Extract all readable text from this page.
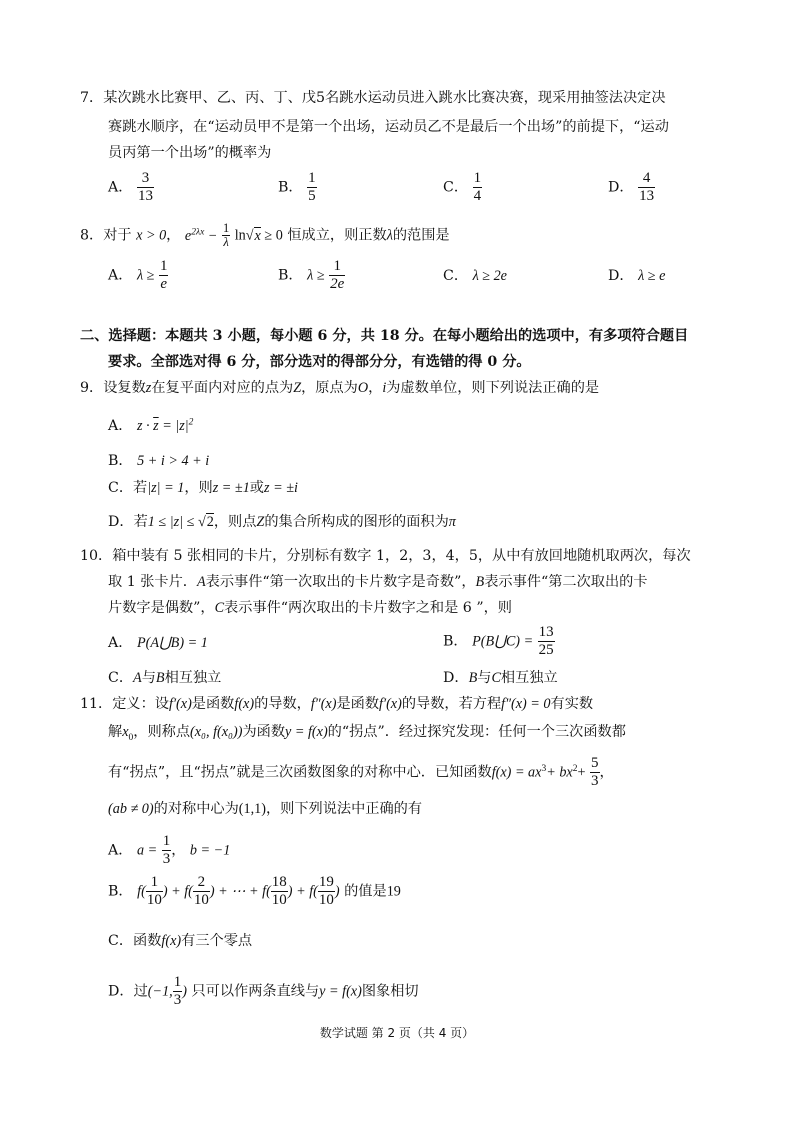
7．某次跳水比赛甲、乙、丙、丁、戊5名跳水运动员进入跳水比赛决赛，现采用抽签法决定决
赛跳水顺序，在“运动员甲不是第一个出场，运动员乙不是最后一个出场”的前提下，“运动
员丙第一个出场”的概率为
A． $\frac{3}{13}$	B． $\frac{1}{5}$	C． $\frac{1}{4}$	D． $\frac{4}{13}$
8．对于 x > 0， $e^{2\lambda x} - \frac{1}{\lambda} \ln√x \ge 0$ 恒成立，则正数λ的范围是
A． $\lambda \ge \frac{1}{e}$	B． $\lambda \ge \frac{1}{2e}$	C． λ ≥ 2e	D． λ ≥ e
二、选择题：本题共 3 小题，每小题 6 分，共 18 分。在每小题给出的选项中，有多项符合题目
要求。全部选对得 6 分，部分选对的得部分分，有选错的得 0 分。
9．设复数z在复平面内对应的点为Z，原点为O，i为虚数单位，则下列说法正确的是
A． $z \cdot \overline{z} = |z|^2$
B． 5 + i > 4 + i
C．若|z| = 1，则z = ±1或z = ±i
D．若1 ≤ |z| ≤ √2，则点Z的集合所构成的图形的面积为π
10．箱中装有 5 张相同的卡片，分别标有数字 1，2，3，4，5，从中有放回地随机取两次，每次
取 1 张卡片．A表示事件“第一次取出的卡片数字是奇数”，B表示事件“第二次取出的卡
片数字是偶数”，C表示事件“两次取出的卡片数字之和是 6 ”，则
A． P(A⋃B) = 1	B． P(B⋃C) = $\frac{13}{25}$
C．A与B相互独立	D．B与C相互独立
11．定义：设f′(x)是函数f(x)的导数，f″(x)是函数f′(x)的导数，若方程f″(x) = 0有实数
解$x_0$，则称点(x₀, f(x₀))为函数y = f(x)的“拐点”．经过探究发现：任何一个三次函数都
有“拐点”，且“拐点”就是三次函数图象的对称中心．已知函数$f(x) = ax^3+ bx^2+ \frac{5}{3}$ ，
(ab ≠ 0)的对称中心为(1,1)，则下列说法中正确的有
A． $a = \frac{1}{3}$ ， b = −1
B． $f( \frac{1}{10}$ ) + $f( \frac{2}{10}$ ) + ⋯ + $f( \frac{18}{10}$ ) + $f( \frac{19}{10}$ ) 的值是19
C．函数f(x)有三个零点
D．过(−1, $\frac{1}{3}$ ) 只可以作两条直线与y = f(x)图象相切
数学试题 第 2 页（共 4 页）
